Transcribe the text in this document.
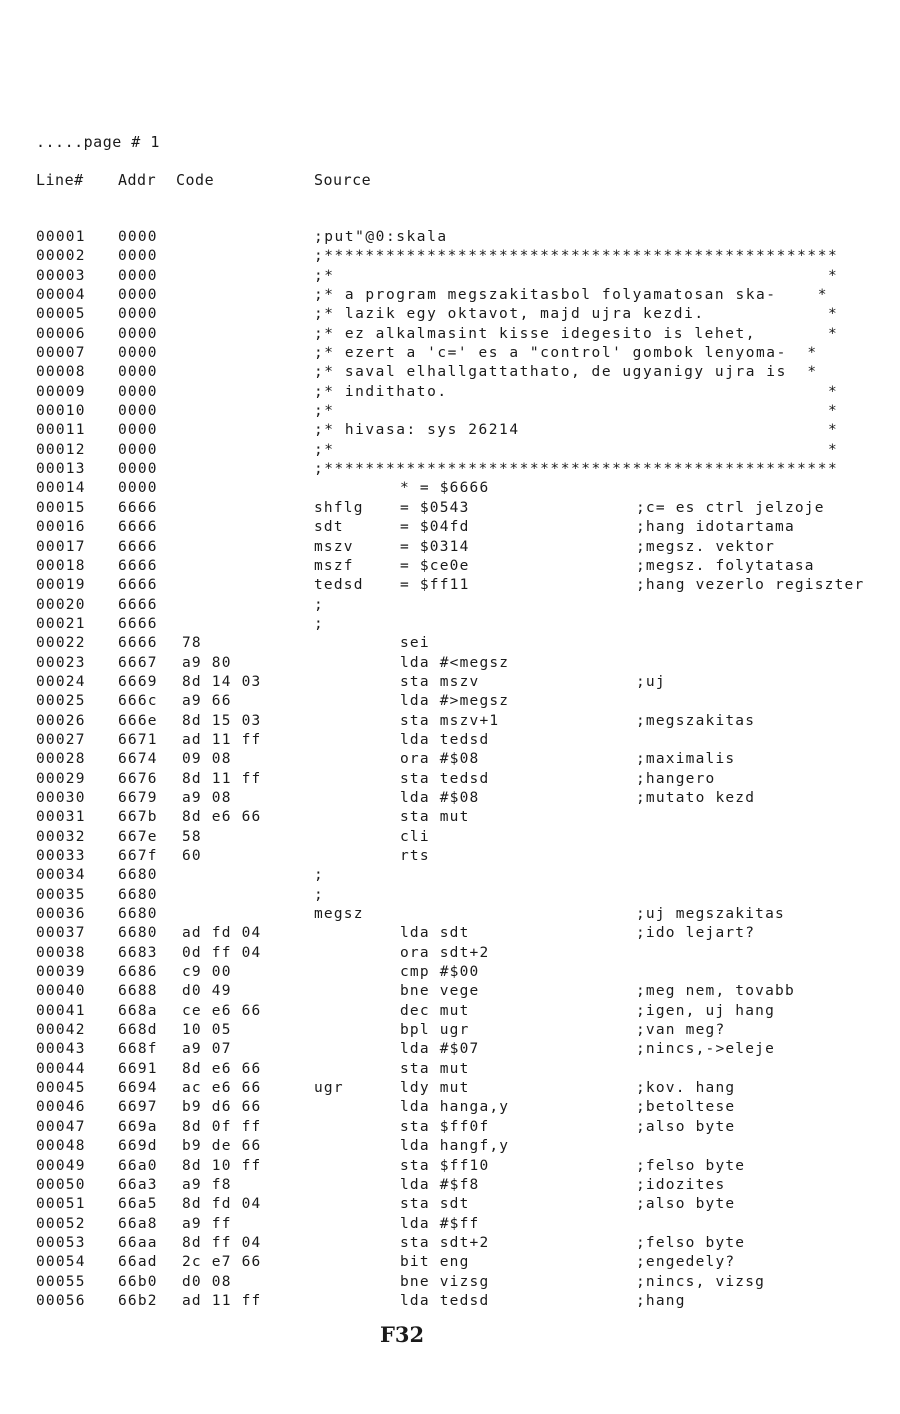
.....page # 1
Line# Addr Code	Source
00001 0000	;put"@0:skala
00002 0000	;**************************************************
00003 0000	;*                                                *
00004 0000	;* a program megszakitasbol folyamatosan ska-    *
00005 0000	;* lazik egy oktavot, majd ujra kezdi.            *
00006 0000	;* ez alkalmasint kisse idegesito is lehet,       *
00007 0000	;* ezert a 'c=' es a "control' gombok lenyoma-  *
00008 0000	;* saval elhallgattathato, de ugyanigy ujra is  *
00009 0000	;* indithato.                                     *
00010 0000	;*                                                *
00011 0000	;* hivasa: sys 26214                              *
00012 0000	;*                                                *
00013 0000	;**************************************************
00014 0000	* = $6666
00015 6666	shflg	= $0543	;c= es ctrl jelzoje
00016 6666	sdt	= $04fd	;hang idotartama
00017 6666	mszv	= $0314	;megsz. vektor
00018 6666	mszf	= $ce0e	;megsz. folytatasa
00019 6666	tedsd	= $ff11	;hang vezerlo regiszter
00020 6666	;
00021 6666	;
00022 6666 78	sei
00023 6667 a9 80	lda #<megsz
00024 6669 8d 14 03	sta mszv	;uj
00025 666c a9 66	lda #>megsz
00026 666e 8d 15 03	sta mszv+1	;megszakitas
00027 6671 ad 11 ff	lda tedsd
00028 6674 09 08	ora #$08	;maximalis
00029 6676 8d 11 ff	sta tedsd	;hangero
00030 6679 a9 08	lda #$08	;mutato kezd
00031 667b 8d e6 66	sta mut
00032 667e 58	cli
00033 667f 60	rts
00034 6680	;
00035 6680	;
00036 6680	megsz	;uj megszakitas
00037 6680 ad fd 04	lda sdt	;ido lejart?
00038 6683 0d ff 04	ora sdt+2
00039 6686 c9 00	cmp #$00
00040 6688 d0 49	bne vege	;meg nem, tovabb
00041 668a ce e6 66	dec mut	;igen, uj hang
00042 668d 10 05	bpl ugr	;van meg?
00043 668f a9 07	lda #$07	;nincs,->eleje
00044 6691 8d e6 66	sta mut
00045 6694 ac e6 66	ugr	ldy mut	;kov. hang
00046 6697 b9 d6 66	lda hanga,y	;betoltese
00047 669a 8d 0f ff	sta $ff0f	;also byte
00048 669d b9 de 66	lda hangf,y
00049 66a0 8d 10 ff	sta $ff10	;felso byte
00050 66a3 a9 f8	lda #$f8	;idozites
00051 66a5 8d fd 04	sta sdt	;also byte
00052 66a8 a9 ff	lda #$ff
00053 66aa 8d ff 04	sta sdt+2	;felso byte
00054 66ad 2c e7 66	bit eng	;engedely?
00055 66b0 d0 08	bne vizsg	;nincs, vizsg
00056 66b2 ad 11 ff	lda tedsd	;hang
F32
